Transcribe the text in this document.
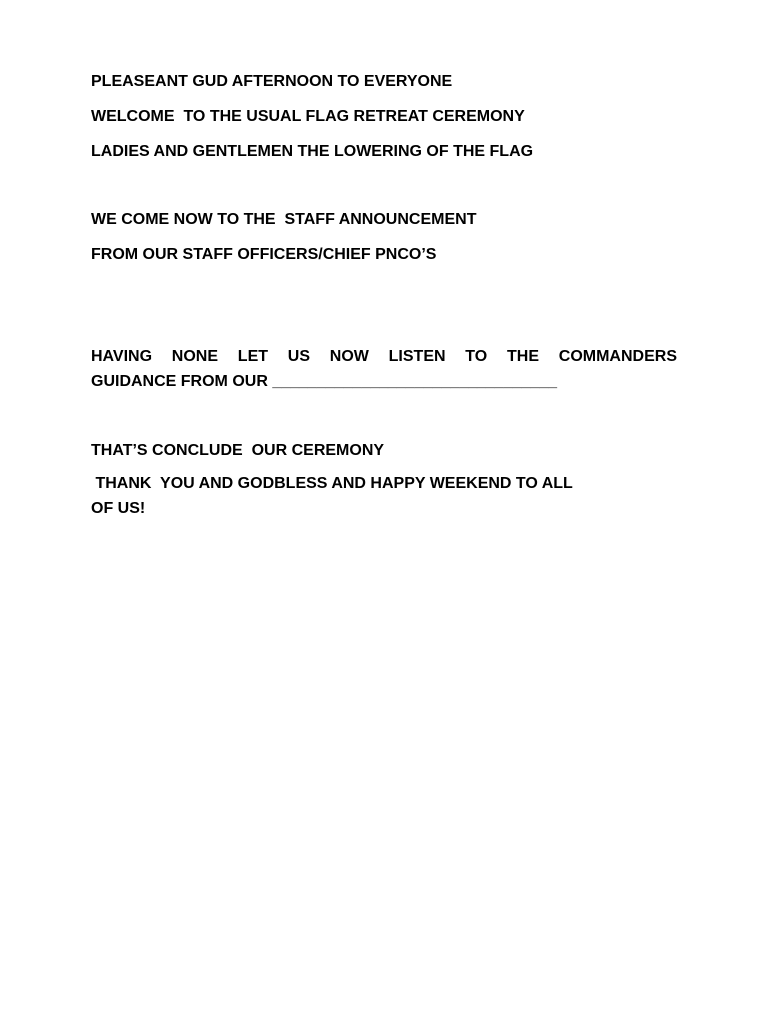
PLEASEANT GUD AFTERNOON TO EVERYONE

WELCOME  TO THE USUAL FLAG RETREAT CEREMONY

LADIES AND GENTLEMEN THE LOWERING OF THE FLAG

WE COME NOW TO THE  STAFF ANNOUNCEMENT

FROM OUR STAFF OFFICERS/CHIEF PNCO’S

HAVING NONE LET US NOW LISTEN TO THE COMMANDERS

GUIDANCE FROM OUR ________________________________

THAT’S CONCLUDE  OUR CEREMONY

THANK  YOU AND GODBLESS AND HAPPY WEEKEND TO ALL

OF US!
